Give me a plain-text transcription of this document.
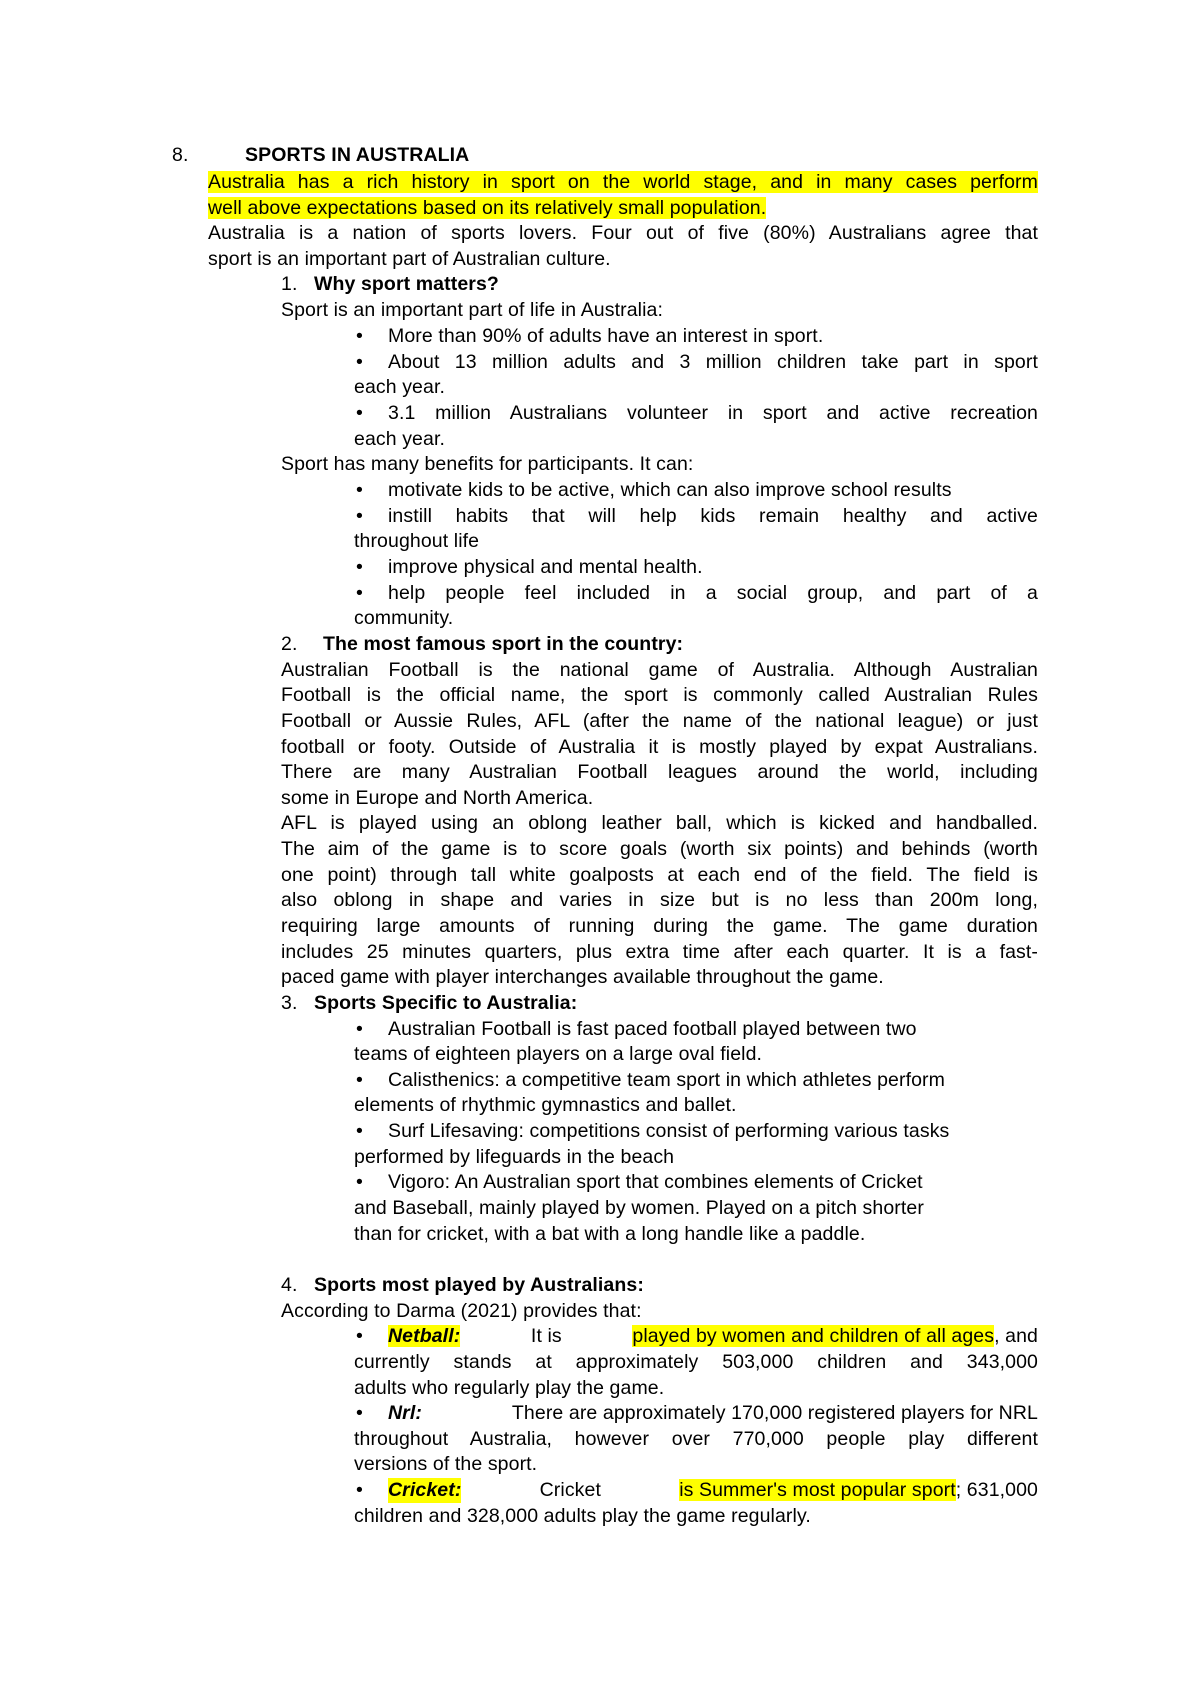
8.	SPORTS IN AUSTRALIA
Australia has a rich history in sport on the world stage, and in many cases perform
well above expectations based on its relatively small population.
Australia is a nation of sports lovers. Four out of five (80%) Australians agree that
sport is an important part of Australian culture.
1. Why sport matters?
Sport is an important part of life in Australia:
• More than 90% of adults have an interest in sport.
• About 13 million adults and 3 million children take part in sport
each year.
• 3.1 million Australians volunteer in sport and active recreation
each year.
Sport has many benefits for participants. It can:
• motivate kids to be active, which can also improve school results
• instill habits that will help kids remain healthy and active
throughout life
• improve physical and mental health.
• help people feel included in a social group, and part of a
community.
2. The most famous sport in the country:
Australian Football is the national game of Australia. Although Australian
Football is the official name, the sport is commonly called Australian Rules
Football or Aussie Rules, AFL (after the name of the national league) or just
football or footy. Outside of Australia it is mostly played by expat Australians.
There are many Australian Football leagues around the world, including
some in Europe and North America.
AFL is played using an oblong leather ball, which is kicked and handballed.
The aim of the game is to score goals (worth six points) and behinds (worth
one point) through tall white goalposts at each end of the field. The field is
also oblong in shape and varies in size but is no less than 200m long,
requiring large amounts of running during the game. The game duration
includes 25 minutes quarters, plus extra time after each quarter. It is a fast-
paced game with player interchanges available throughout the game.
3. Sports Specific to Australia:
• Australian Football is fast paced football played between two
teams of eighteen players on a large oval field.
• Calisthenics: a competitive team sport in which athletes perform
elements of rhythmic gymnastics and ballet.
• Surf Lifesaving: competitions consist of performing various tasks
performed by lifeguards in the beach
• Vigoro: An Australian sport that combines elements of Cricket
and Baseball, mainly played by women. Played on a pitch shorter
than for cricket, with a bat with a long handle like a paddle.
4. Sports most played by Australians:
According to Darma (2021) provides that:
• Netball:	It is	played by women and children of all ages, and
currently stands at approximately 503,000 children and 343,000
adults who regularly play the game.
• Nrl:	There are approximately 170,000 registered players for NRL
throughout Australia, however over 770,000 people play different
versions of the sport.
• Cricket:	Cricket	is Summer's most popular sport; 631,000
children and 328,000 adults play the game regularly.
